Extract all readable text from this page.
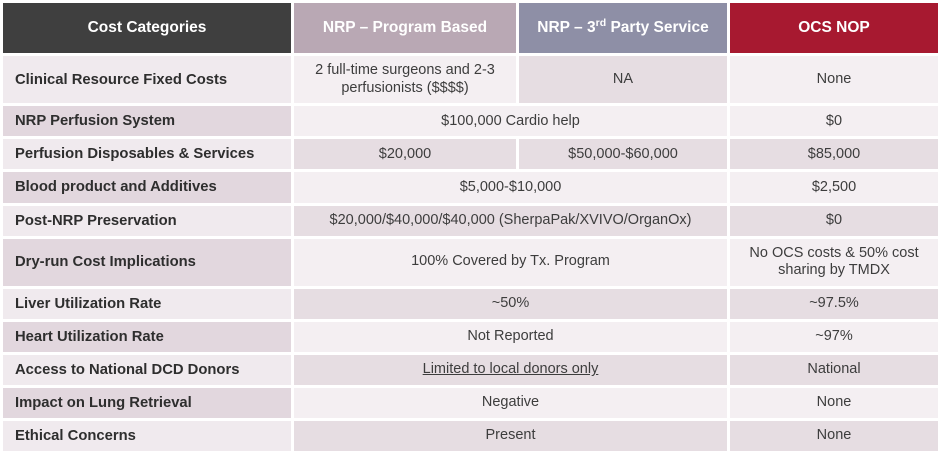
Cost Categories	NRP – Program Based	NRP – 3rd Party Service	OCS NOP
Clinical Resource Fixed Costs	2 full-time surgeons and 2-3 perfusionists ($$$$)	NA	None
NRP Perfusion System	$100,000 Cardio help		$0
Perfusion Disposables & Services	$20,000	$50,000-$60,000	$85,000
Blood product and Additives	$5,000-$10,000		$2,500
Post-NRP Preservation	$20,000/$40,000/$40,000 (SherpaPak/XVIVO/OrganOx)		$0
Dry-run Cost Implications	100% Covered by Tx. Program		No OCS costs & 50% cost sharing by TMDX
Liver Utilization Rate	~50%		~97.5%
Heart Utilization Rate	Not Reported		~97%
Access to National DCD Donors	Limited to local donors only		National
Impact on Lung Retrieval	Negative		None
Ethical Concerns	Present		None
